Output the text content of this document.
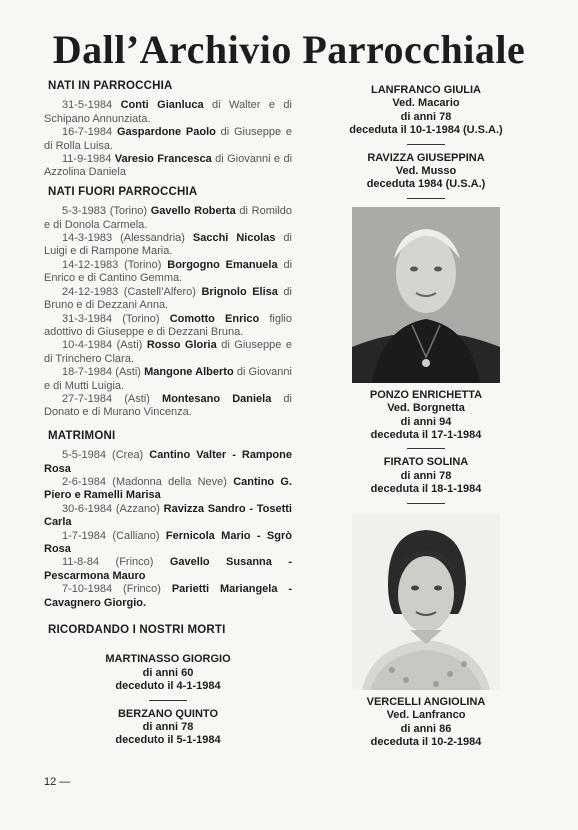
Dall’Archivio Parrocchiale
NATI IN PARROCCHIA

31-5-1984 Conti Gianluca di Walter e di Schipano Annunziata.

16-7-1984 Gaspardone Paolo di Giuseppe e di Rolla Luisa.

11-9-1984 Varesio Francesca di Giovanni e di Azzolina Daniela

NATI FUORI PARROCCHIA

5-3-1983 (Torino) Gavello Roberta di Romildo e di Donola Carmela.

14-3-1983 (Alessandria) Sacchi Nicolas di Luigi e di Rampone Maria.

14-12-1983 (Torino) Borgogno Emanuela di Enrico e di Cantino Gemma.

24-12-1983 (Castell’Alfero) Brignolo Elisa di Bruno e di Dezzani Anna.

31-3-1984 (Torino) Comotto Enrico figlio adottivo di Giuseppe e di Dezzani Bruna.

10-4-1984 (Asti) Rosso Gloria di Giuseppe e di Trinchero Clara.

18-7-1984 (Asti) Mangone Alberto di Giovanni e di Mutti Luigia.

27-7-1984 (Asti) Montesano Daniela di Donato e di Murano Vincenza.

MATRIMONI

5-5-1984 (Crea) Cantino Valter - Rampone Rosa

2-6-1984 (Madonna della Neve) Cantino G. Piero e Ramelli Marisa

30-6-1984 (Azzano) Ravizza Sandro - Tosetti Carla

1-7-1984 (Calliano) Fernicola Mario - Sgrò Rosa

11-8-84 (Frinco) Gavello Susanna - Pescarmona Mauro

7-10-1984 (Frinco) Parietti Mariangela - Cavagnero Giorgio.

RICORDANDO I NOSTRI MORTI
MARTINASSO GIORGIO
di anni 60
deceduto il 4-1-1984
BERZANO QUINTO
di anni 78
deceduto il 5-1-1984
LANFRANCO GIULIA
Ved. Macario
di anni 78
deceduta il 10-1-1984 (U.S.A.)
RAVIZZA GIUSEPPINA
Ved. Musso
deceduta 1984 (U.S.A.)
PONZO ENRICHETTA
Ved. Borgnetta
di anni 94
deceduta il 17-1-1984
FIRATO SOLINA
di anni 78
deceduta il 18-1-1984
VERCELLI ANGIOLINA
Ved. Lanfranco
di anni 86
deceduta il 10-2-1984
12 —
